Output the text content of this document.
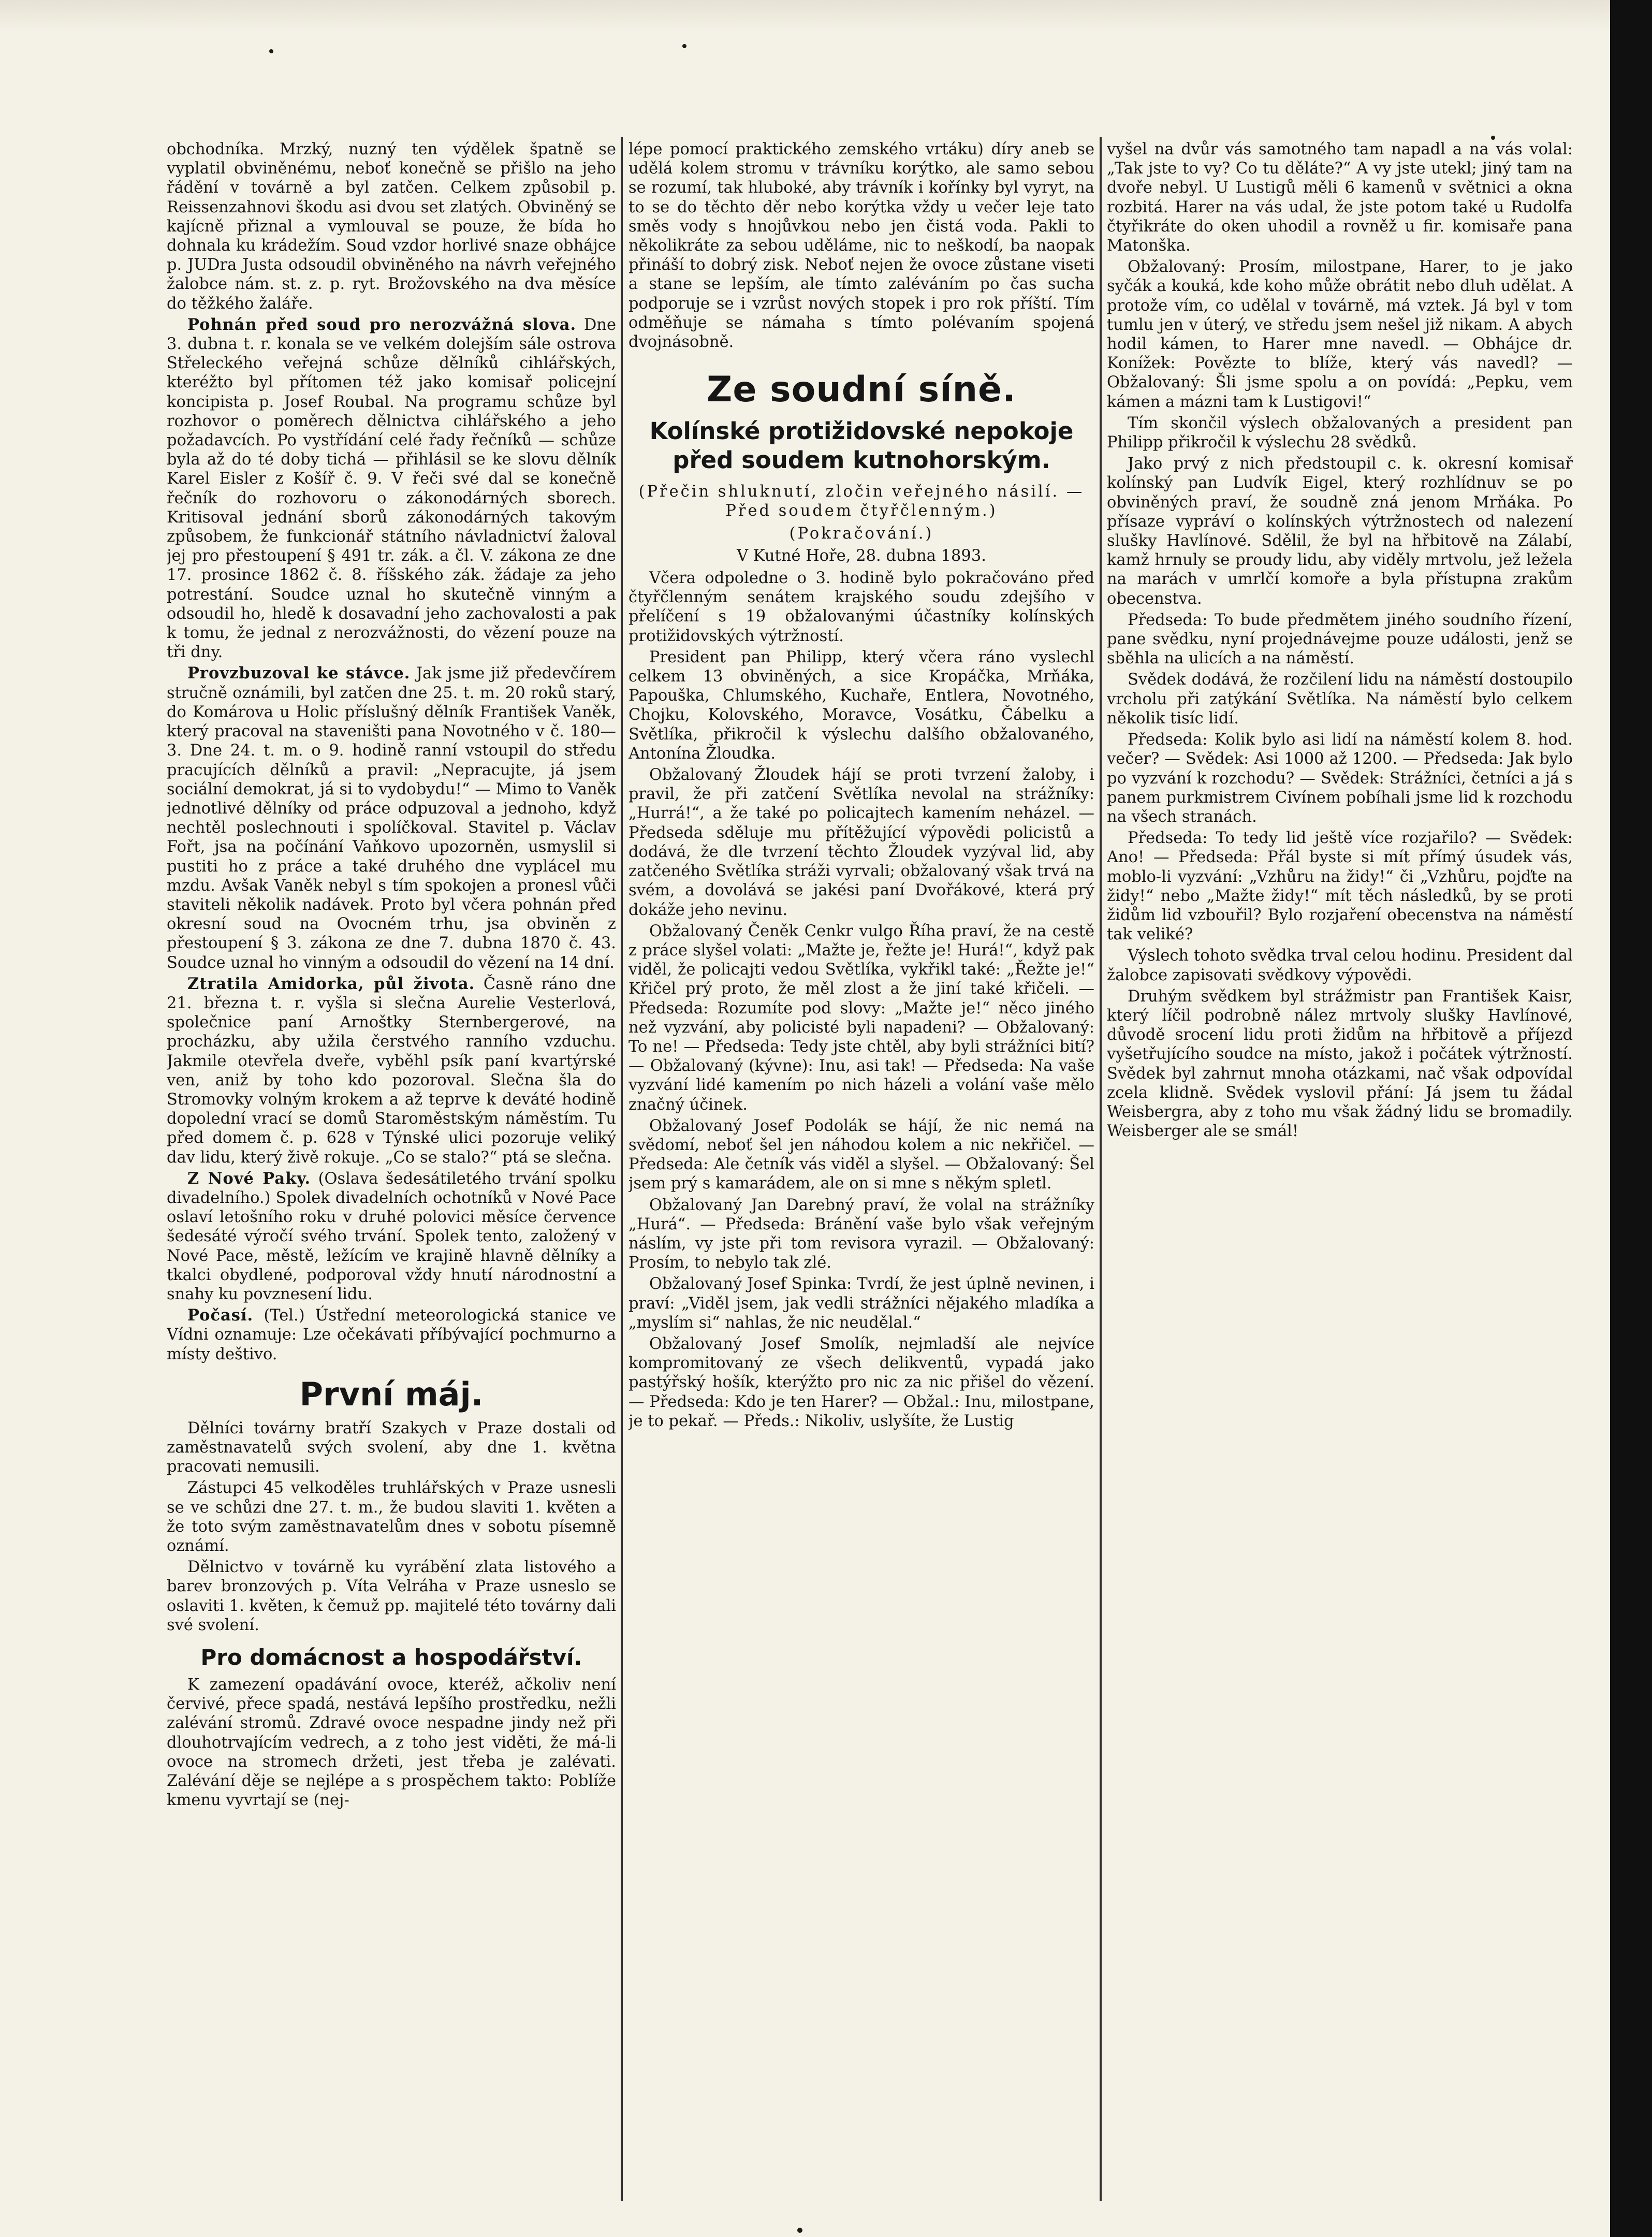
obchodníka. Mrzký, nuzný ten výdělek špatně se vyplatil obviněnému, neboť konečně se přišlo na jeho řádění v továrně a byl zatčen. Celkem způsobil p. Reissenzahnovi škodu asi dvou set zlatých. Obviněný se kajícně přiznal a vymlouval se pouze, že bída ho dohnala ku krádežím. Soud vzdor horlivé snaze obhájce p. JUDra Justa odsoudil obviněného na návrh veřejného žalobce nám. st. z. p. ryt. Brožovského na dva měsíce do těžkého žaláře.

Pohnán před soud pro nerozvážná slova. Dne 3. dubna t. r. konala se ve velkém dolejším sále ostrova Střeleckého veřejná schůze dělníků cihlářských, kteréžto byl přítomen též jako komisař policejní koncipista p. Josef Roubal. Na programu schůze byl rozhovor o poměrech dělnictva cihlářského a jeho požadavcích. Po vystřídání celé řady řečníků — schůze byla až do té doby tichá — přihlásil se ke slovu dělník Karel Eisler z Košíř č. 9. V řeči své dal se konečně řečník do rozhovoru o zákonodárných sborech. Kritisoval jednání sborů zákonodárných takovým způsobem, že funkcionář státního návladnictví žaloval jej pro přestoupení § 491 tr. zák. a čl. V. zákona ze dne 17. prosince 1862 č. 8. říšského zák. žádaje za jeho potrestání. Soudce uznal ho skutečně vinným a odsoudil ho, hledě k dosavadní jeho zachovalosti a pak k tomu, že jednal z nerozvážnosti, do vězení pouze na tři dny.

Provzbuzoval ke stávce. Jak jsme již předevčírem stručně oznámili, byl zatčen dne 25. t. m. 20 roků starý, do Komárova u Holic příslušný dělník František Vaněk, který pracoval na staveništi pana Novotného v č. 180—3. Dne 24. t. m. o 9. hodině ranní vstoupil do středu pracujících dělníků a pravil: „Nepracujte, já jsem sociální demokrat, já si to vydobydu!“ — Mimo to Vaněk jednotlivé dělníky od práce odpuzoval a jednoho, když nechtěl poslechnouti i spolíčkoval. Stavitel p. Václav Fořt, jsa na počínání Vaňkovo upozorněn, usmyslil si pustiti ho z práce a také druhého dne vyplácel mu mzdu. Avšak Vaněk nebyl s tím spokojen a pronesl vůči staviteli několik nadávek. Proto byl včera pohnán před okresní soud na Ovocném trhu, jsa obviněn z přestoupení § 3. zákona ze dne 7. dubna 1870 č. 43. Soudce uznal ho vinným a odsoudil do vězení na 14 dní.

Ztratila Amidorka, půl života. Časně ráno dne 21. března t. r. vyšla si slečna Aurelie Vesterlová, společnice paní Arnoštky Sternbergerové, na procházku, aby užila čerstvého ranního vzduchu. Jakmile otevřela dveře, vyběhl psík paní kvartýrské ven, aniž by toho kdo pozoroval. Slečna šla do Stromovky volným krokem a až teprve k deváté hodině dopolední vrací se domů Staroměstským náměstím. Tu před domem č. p. 628 v Týnské ulici pozoruje veliký dav lidu, který živě rokuje. „Co se stalo?“ ptá se slečna.

Z Nové Paky. (Oslava šedesátiletého trvání spolku divadelního.) Spolek divadelních ochotníků v Nové Pace oslaví letošního roku v druhé polovici měsíce července šedesáté výročí svého trvání. Spolek tento, založený v Nové Pace, městě, ležícím ve krajině hlavně dělníky a tkalci obydlené, podporoval vždy hnutí národnostní a snahy ku povznesení lidu.

Počasí. (Tel.) Ústřední meteorologická stanice ve Vídni oznamuje: Lze očekávati příbývající pochmurno a místy deštivo.

První máj.

Dělníci továrny bratří Szakych v Praze dostali od zaměstnavatelů svých svolení, aby dne 1. května pracovati nemusili.

Zástupci 45 velkoděles truhlářských v Praze usnesli se ve schůzi dne 27. t. m., že budou slaviti 1. květen a že toto svým zaměstnavatelům dnes v sobotu písemně oznámí.

Dělnictvo v továrně ku vyrábění zlata listového a barev bronzových p. Víta Velráha v Praze usneslo se oslaviti 1. květen, k čemuž pp. majitelé této továrny dali své svolení.

Pro domácnost a hospodářství.

K zamezení opadávání ovoce, kteréž, ačkoliv není červivé, přece spadá, nestává lepšího prostředku, nežli zalévání stromů. Zdravé ovoce nespadne jindy než při dlouhotrvajícím vedrech, a z toho jest viděti, že má-li ovoce na stromech držeti, jest třeba je zalévati. Zalévání děje se nejlépe a s prospěchem takto: Poblíže kmenu vyvrtají se (nej-

lépe pomocí praktického zemského vrtáku) díry aneb se udělá kolem stromu v trávníku korýtko, ale samo sebou se rozumí, tak hluboké, aby trávník i kořínky byl vyryt, na to se do těchto děr nebo korýtka vždy u večer leje tato směs vody s hnojůvkou nebo jen čistá voda. Pakli to několikráte za sebou uděláme, nic to neškodí, ba naopak přináší to dobrý zisk. Neboť nejen že ovoce zůstane viseti a stane se lepším, ale tímto zaléváním po čas sucha podporuje se i vzrůst nových stopek i pro rok příští. Tím odměňuje se námaha s tímto polévaním spojená dvojnásobně.

Ze soudní síně.
Kolínské protižidovské nepokoje před soudem kutnohorským.
(Přečin shluknutí, zločin veřejného násilí. — Před soudem čtyřčlenným.)
(Pokračování.)
V Kutné Hoře, 28. dubna 1893.

Včera odpoledne o 3. hodině bylo pokračováno před čtyřčlenným senátem krajského soudu zdejšího v přelíčení s 19 obžalovanými účastníky kolínských protižidovských výtržností.

President pan Philipp, který včera ráno vyslechl celkem 13 obviněných, a sice Kropáčka, Mrňáka, Papouška, Chlumského, Kuchaře, Entlera, Novotného, Chojku, Kolovského, Moravce, Vosátku, Čábelku a Světlíka, přikročil k výslechu dalšího obžalovaného, Antonína Žloudka.

Obžalovaný Žloudek hájí se proti tvrzení žaloby, i pravil, že při zatčení Světlíka nevolal na strážníky: „Hurrá!“, a že také po policajtech kamením neházel. — Předseda sděluje mu přítěžující výpovědi policistů a dodává, že dle tvrzení těchto Žloudek vyzýval lid, aby zatčeného Světlíka stráži vyrvali; obžalovaný však trvá na svém, a dovolává se jakési paní Dvořákové, která prý dokáže jeho nevinu.

Obžalovaný Čeněk Cenkr vulgo Říha praví, že na cestě z práce slyšel volati: „Mažte je, řežte je! Hurá!“, když pak viděl, že policajti vedou Světlíka, vykřikl také: „Řežte je!“ Křičel prý proto, že měl zlost a že jiní také křičeli. — Předseda: Rozumíte pod slovy: „Mažte je!“ něco jiného než vyzvání, aby policisté byli napadeni? — Obžalovaný: To ne! — Předseda: Tedy jste chtěl, aby byli strážníci bití? — Obžalovaný (kývne): Inu, asi tak! — Předseda: Na vaše vyzvání lidé kamením po nich házeli a volání vaše mělo značný účinek.

Obžalovaný Josef Podolák se hájí, že nic nemá na svědomí, neboť šel jen náhodou kolem a nic nekřičel. — Předseda: Ale četník vás viděl a slyšel. — Obžalovaný: Šel jsem prý s kamarádem, ale on si mne s někým spletl.

Obžalovaný Jan Darebný praví, že volal na strážníky „Hurá“. — Předseda: Bránění vaše bylo však veřejným náslím, vy jste při tom revisora vyrazil. — Obžalovaný: Prosím, to nebylo tak zlé.

Obžalovaný Josef Spinka: Tvrdí, že jest úplně nevinen, i praví: „Viděl jsem, jak vedli strážníci nějakého mladíka a „myslím si“ nahlas, že nic neudělal.“

Obžalovaný Josef Smolík, nejmladší ale nejvíce kompromitovaný ze všech delikventů, vypadá jako pastýřský hošík, kterýžto pro nic za nic přišel do vězení. — Předseda: Kdo je ten Harer? — Obžal.: Inu, milostpane, je to pekař. — Předs.: Nikoliv, uslyšíte, že Lustig

vyšel na dvůr vás samotného tam napadl a na vás volal: „Tak jste to vy? Co tu děláte?“ A vy jste utekl; jiný tam na dvoře nebyl. U Lustigů měli 6 kamenů v světnici a okna rozbitá. Harer na vás udal, že jste potom také u Rudolfa čtyřikráte do oken uhodil a rovněž u fir. komisaře pana Matonška.

Obžalovaný: Prosím, milostpane, Harer, to je jako syčák a kouká, kde koho může obrátit nebo dluh udělat. A protože vím, co udělal v továrně, má vztek. Já byl v tom tumlu jen v úterý, ve středu jsem nešel již nikam. A abych hodil kámen, to Harer mne navedl. — Obhájce dr. Konížek: Povězte to blíže, který vás navedl? — Obžalovaný: Šli jsme spolu a on povídá: „Pepku, vem kámen a mázni tam k Lustigovi!“

Tím skončil výslech obžalovaných a president pan Philipp přikročil k výslechu 28 svědků.

Jako prvý z nich předstoupil c. k. okresní komisař kolínský pan Ludvík Eigel, který rozhlídnuv se po obviněných praví, že soudně zná jenom Mrňáka. Po přísaze vypráví o kolínských výtržnostech od nalezení slušky Havlínové. Sdělil, že byl na hřbitově na Zálabí, kamž hrnuly se proudy lidu, aby viděly mrtvolu, jež ležela na marách v umrlčí komoře a byla přístupna zrakům obecenstva.

Předseda: To bude předmětem jiného soudního řízení, pane svědku, nyní projednávejme pouze události, jenž se sběhla na ulicích a na náměstí.

Svědek dodává, že rozčilení lidu na náměstí dostoupilo vrcholu při zatýkání Světlíka. Na náměstí bylo celkem několik tisíc lidí.

Předseda: Kolik bylo asi lidí na náměstí kolem 8. hod. večer? — Svědek: Asi 1000 až 1200. — Předseda: Jak bylo po vyzvání k rozchodu? — Svědek: Strážníci, četníci a já s panem purkmistrem Civínem pobíhali jsme lid k rozchodu na všech stranách.

Předseda: To tedy lid ještě více rozjařilo? — Svědek: Ano! — Předseda: Přál byste si mít přímý úsudek vás, moblo-li vyzvání: „Vzhůru na židy!“ či „Vzhůru, pojďte na židy!“ nebo „Mažte židy!“ mít těch následků, by se proti židům lid vzbouřil? Bylo rozjaření obecenstva na náměstí tak veliké?

Výslech tohoto svědka trval celou hodinu. President dal žalobce zapisovati svědkovy výpovědi.

Druhým svědkem byl strážmistr pan František Kaisr, který líčil podrobně nález mrtvoly slušky Havlínové, důvodě srocení lidu proti židům na hřbitově a příjezd vyšetřujícího soudce na místo, jakož i počátek výtržností. Svědek byl zahrnut mnoha otázkami, nač však odpovídal zcela klidně. Svědek vyslovil přání: Já jsem tu žádal Weisbergra, aby z toho mu však žádný lidu se bromadily. Weisberger ale se smál!
